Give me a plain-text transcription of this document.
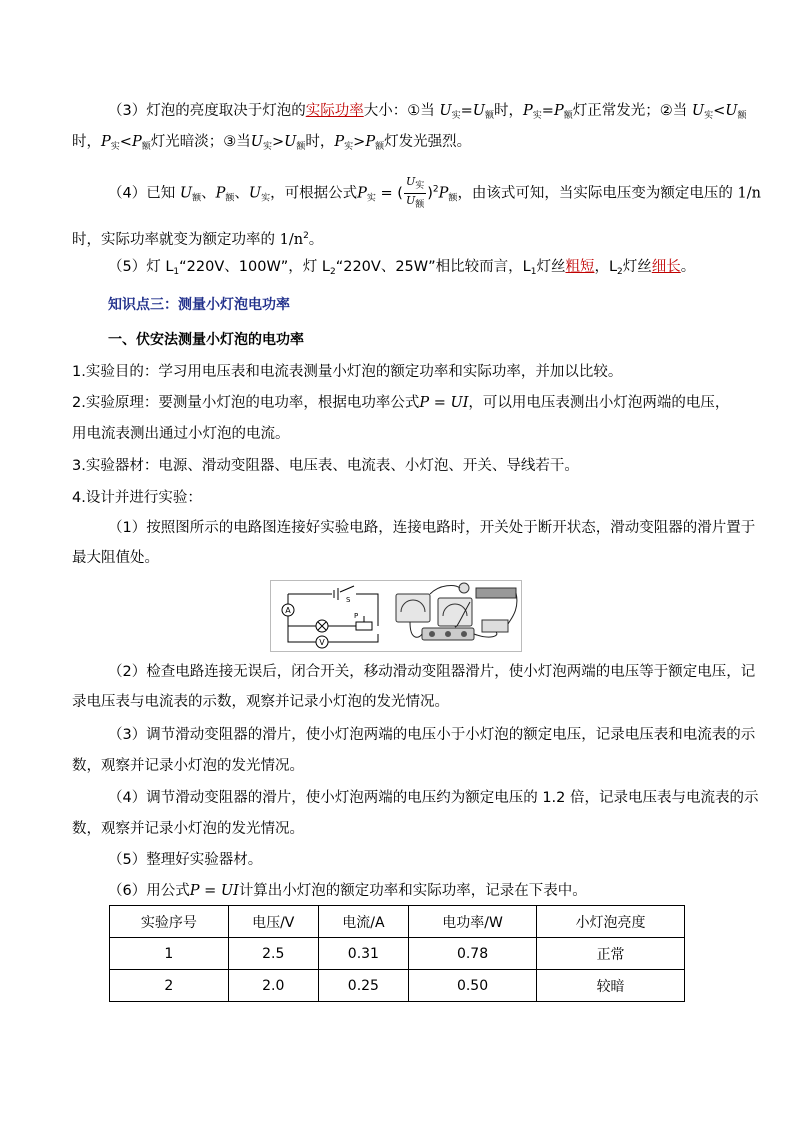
（3）灯泡的亮度取决于灯泡的实际功率大小：①当 $U_实=U_额$时，$P_实=P_额$灯正常发光；②当 $U_实<U_额$
时，$P_实<P_额$灯光暗淡；③当$U_实>U_额$时，$P_实>P_额$灯发光强烈。
（4）已知 $U_额$、$P_额$、$U_实$，可根据公式$P_实$ = ( $\frac{U_实}{U_额} )^2P_额$，由该式可知，当实际电压变为额定电压的 1/n
时，实际功率就变为额定功率的 $1/n^2$。
（5）灯 $L_1“220V$、100W”，灯 $L_2“220V$、25W”相比较而言，$L_1$灯丝粗短，$L_2$灯丝细长。
知识点三：测量小灯泡电功率
一、伏安法测量小灯泡的电功率
1.实验目的：学习用电压表和电流表测量小灯泡的额定功率和实际功率，并加以比较。
2.实验原理：要测量小灯泡的电功率，根据电功率公式P = UI，可以用电压表测出小灯泡两端的电压，
用电流表测出通过小灯泡的电流。
3.实验器材：电源、滑动变阻器、电压表、电流表、小灯泡、开关、导线若干。
4.设计并进行实验：
（1）按照图所示的电路图连接好实验电路，连接电路时，开关处于断开状态，滑动变阻器的滑片置于
最大阻值处。
A
V
S
P
（2）检查电路连接无误后，闭合开关，移动滑动变阻器滑片，使小灯泡两端的电压等于额定电压，记
录电压表与电流表的示数，观察并记录小灯泡的发光情况。
（3）调节滑动变阻器的滑片，使小灯泡两端的电压小于小灯泡的额定电压，记录电压表和电流表的示
数，观察并记录小灯泡的发光情况。
（4）调节滑动变阻器的滑片，使小灯泡两端的电压约为额定电压的 1.2 倍，记录电压表与电流表的示
数，观察并记录小灯泡的发光情况。
（5）整理好实验器材。
（6）用公式P = UI计算出小灯泡的额定功率和实际功率，记录在下表中。
实验序号	电压/V	电流/A	电功率/W	小灯泡亮度
1	2.5	0.31	0.78	正常
2	2.0	0.25	0.50	较暗
